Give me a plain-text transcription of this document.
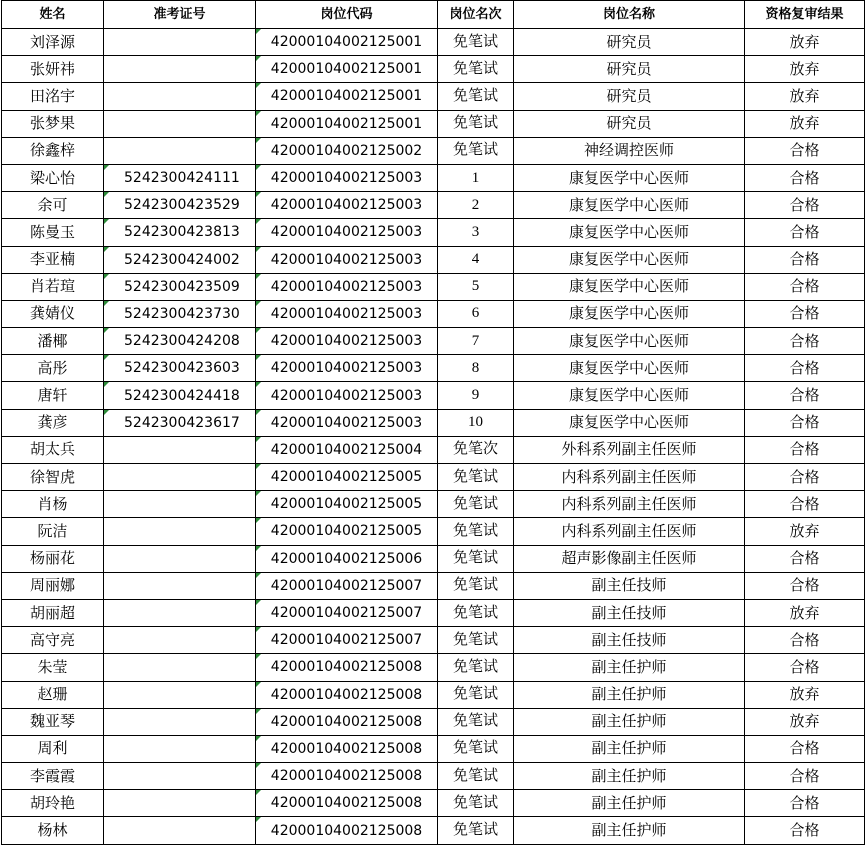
姓名	准考证号	岗位代码	岗位名次	岗位名称	资格复审结果
刘泽源		42000104002125001	免笔试	研究员	放弃
张妍祎		42000104002125001	免笔试	研究员	放弃
田洺宇		42000104002125001	免笔试	研究员	放弃
张梦果		42000104002125001	免笔试	研究员	放弃
徐鑫梓		42000104002125002	免笔试	神经调控医师	合格
梁心怡	5242300424111	42000104002125003	1	康复医学中心医师	合格
余可	5242300423529	42000104002125003	2	康复医学中心医师	合格
陈曼玉	5242300423813	42000104002125003	3	康复医学中心医师	合格
李亚楠	5242300424002	42000104002125003	4	康复医学中心医师	合格
肖若瑄	5242300423509	42000104002125003	5	康复医学中心医师	合格
龚婧仪	5242300423730	42000104002125003	6	康复医学中心医师	合格
潘椰	5242300424208	42000104002125003	7	康复医学中心医师	合格
高彤	5242300423603	42000104002125003	8	康复医学中心医师	合格
唐轩	5242300424418	42000104002125003	9	康复医学中心医师	合格
龚彦	5242300423617	42000104002125003	10	康复医学中心医师	合格
胡太兵		42000104002125004	免笔次	外科系列副主任医师	合格
徐智虎		42000104002125005	免笔试	内科系列副主任医师	合格
肖杨		42000104002125005	免笔试	内科系列副主任医师	合格
阮洁		42000104002125005	免笔试	内科系列副主任医师	放弃
杨丽花		42000104002125006	免笔试	超声影像副主任医师	合格
周丽娜		42000104002125007	免笔试	副主任技师	合格
胡丽超		42000104002125007	免笔试	副主任技师	放弃
高守亮		42000104002125007	免笔试	副主任技师	合格
朱莹		42000104002125008	免笔试	副主任护师	合格
赵珊		42000104002125008	免笔试	副主任护师	放弃
魏亚琴		42000104002125008	免笔试	副主任护师	放弃
周利		42000104002125008	免笔试	副主任护师	合格
李霞霞		42000104002125008	免笔试	副主任护师	合格
胡玲艳		42000104002125008	免笔试	副主任护师	合格
杨林		42000104002125008	免笔试	副主任护师	合格
